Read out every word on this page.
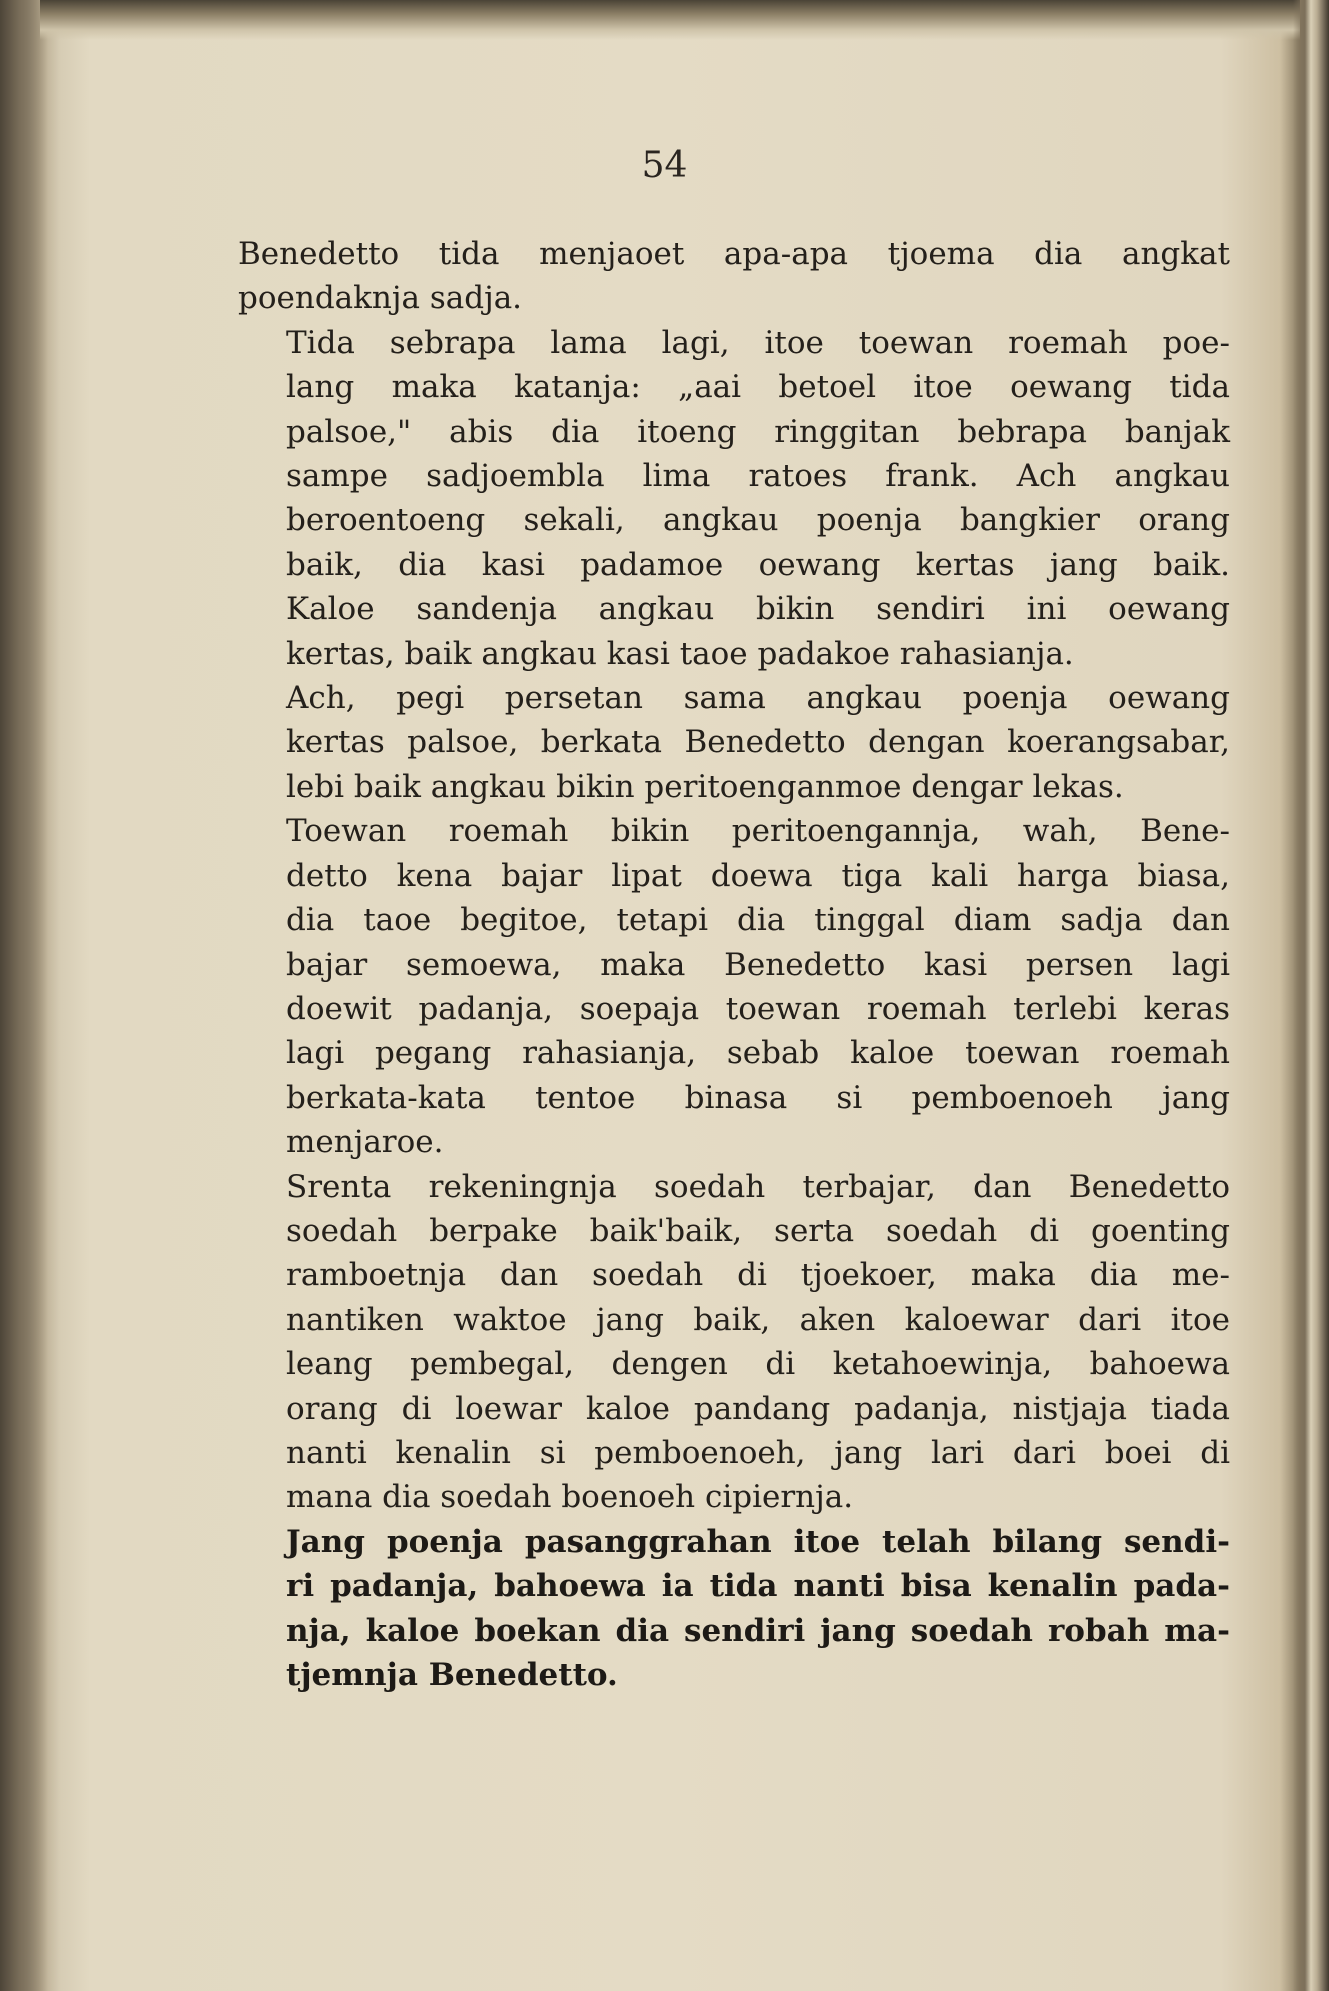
54

Benedetto tida menjaoet apa-apa tjoema dia angkat
poendaknja sadja.

Tida sebrapa lama lagi, itoe toewan roemah poe-
lang maka katanja: „aai betoel itoe oewang tida
palsoe," abis dia itoeng ringgitan bebrapa banjak
sampe sadjoembla lima ratoes frank. Ach angkau
beroentoeng sekali, angkau poenja bangkier orang
baik, dia kasi padamoe oewang kertas jang baik.
Kaloe sandenja angkau bikin sendiri ini oewang
kertas, baik angkau kasi taoe padakoe rahasianja.

Ach, pegi persetan sama angkau poenja oewang
kertas palsoe, berkata Benedetto dengan koerangsabar,
lebi baik angkau bikin peritoenganmoe dengar lekas.

Toewan roemah bikin peritoengannja, wah, Bene-
detto kena bajar lipat doewa tiga kali harga biasa,
dia taoe begitoe, tetapi dia tinggal diam sadja dan
bajar semoewa, maka Benedetto kasi persen lagi
doewit padanja, soepaja toewan roemah terlebi keras
lagi pegang rahasianja, sebab kaloe toewan roemah
berkata-kata tentoe binasa si pemboenoeh jang
menjaroe.

Srenta rekeningnja soedah terbajar, dan Benedetto
soedah berpake baik'baik, serta soedah di goenting
ramboetnja dan soedah di tjoekoer, maka dia me-
nantiken waktoe jang baik, aken kaloewar dari itoe
leang pembegal, dengen di ketahoewinja, bahoewa
orang di loewar kaloe pandang padanja, nistjaja tiada
nanti kenalin si pemboenoeh, jang lari dari boei di
mana dia soedah boenoeh cipiernja.

Jang poenja pasanggrahan itoe telah bilang sendi-
ri padanja, bahoewa ia tida nanti bisa kenalin pada-
nja, kaloe boekan dia sendiri jang soedah robah ma-
tjemnja Benedetto.
